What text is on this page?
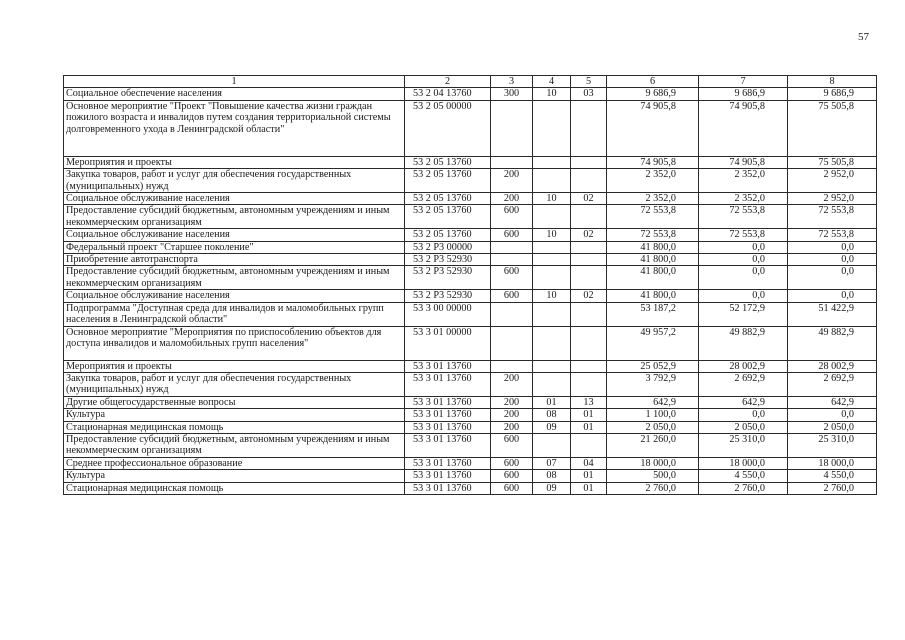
57
1	2	3	4	5	6	7	8
Социальное обеспечение населения	53 2 04 13760	300	10	03	9 686,9	9 686,9	9 686,9
Основное мероприятие "Проект "Повышение качества жизни граждан пожилого возраста и инвалидов путем создания территориальной системы долговременного ухода в Ленинградской области"	53 2 05 00000				74 905,8	74 905,8	75 505,8
Мероприятия и проекты	53 2 05 13760				74 905,8	74 905,8	75 505,8
Закупка товаров, работ и услуг для обеспечения государственных (муниципальных) нужд	53 2 05 13760	200			2 352,0	2 352,0	2 952,0
Социальное обслуживание населения	53 2 05 13760	200	10	02	2 352,0	2 352,0	2 952,0
Предоставление субсидий бюджетным, автономным учреждениям и иным некоммерческим организациям	53 2 05 13760	600			72 553,8	72 553,8	72 553,8
Социальное обслуживание населения	53 2 05 13760	600	10	02	72 553,8	72 553,8	72 553,8
Федеральный проект "Старшее поколение"	53 2 Р3 00000				41 800,0	0,0	0,0
Приобретение автотранспорта	53 2 Р3 52930				41 800,0	0,0	0,0
Предоставление субсидий бюджетным, автономным учреждениям и иным некоммерческим организациям	53 2 Р3 52930	600			41 800,0	0,0	0,0
Социальное обслуживание населения	53 2 Р3 52930	600	10	02	41 800,0	0,0	0,0
Подпрограмма "Доступная среда для инвалидов и маломобильных групп населения в Ленинградской области"	53 3 00 00000				53 187,2	52 172,9	51 422,9
Основное мероприятие "Мероприятия по приспособлению объектов для доступа инвалидов и маломобильных групп населения"	53 3 01 00000				49 957,2	49 882,9	49 882,9
Мероприятия и проекты	53 3 01 13760				25 052,9	28 002,9	28 002,9
Закупка товаров, работ и услуг для обеспечения государственных (муниципальных) нужд	53 3 01 13760	200			3 792,9	2 692,9	2 692,9
Другие общегосударственные вопросы	53 3 01 13760	200	01	13	642,9	642,9	642,9
Культура	53 3 01 13760	200	08	01	1 100,0	0,0	0,0
Стационарная медицинская помощь	53 3 01 13760	200	09	01	2 050,0	2 050,0	2 050,0
Предоставление субсидий бюджетным, автономным учреждениям и иным некоммерческим организациям	53 3 01 13760	600			21 260,0	25 310,0	25 310,0
Среднее профессиональное образование	53 3 01 13760	600	07	04	18 000,0	18 000,0	18 000,0
Культура	53 3 01 13760	600	08	01	500,0	4 550,0	4 550,0
Стационарная медицинская помощь	53 3 01 13760	600	09	01	2 760,0	2 760,0	2 760,0
